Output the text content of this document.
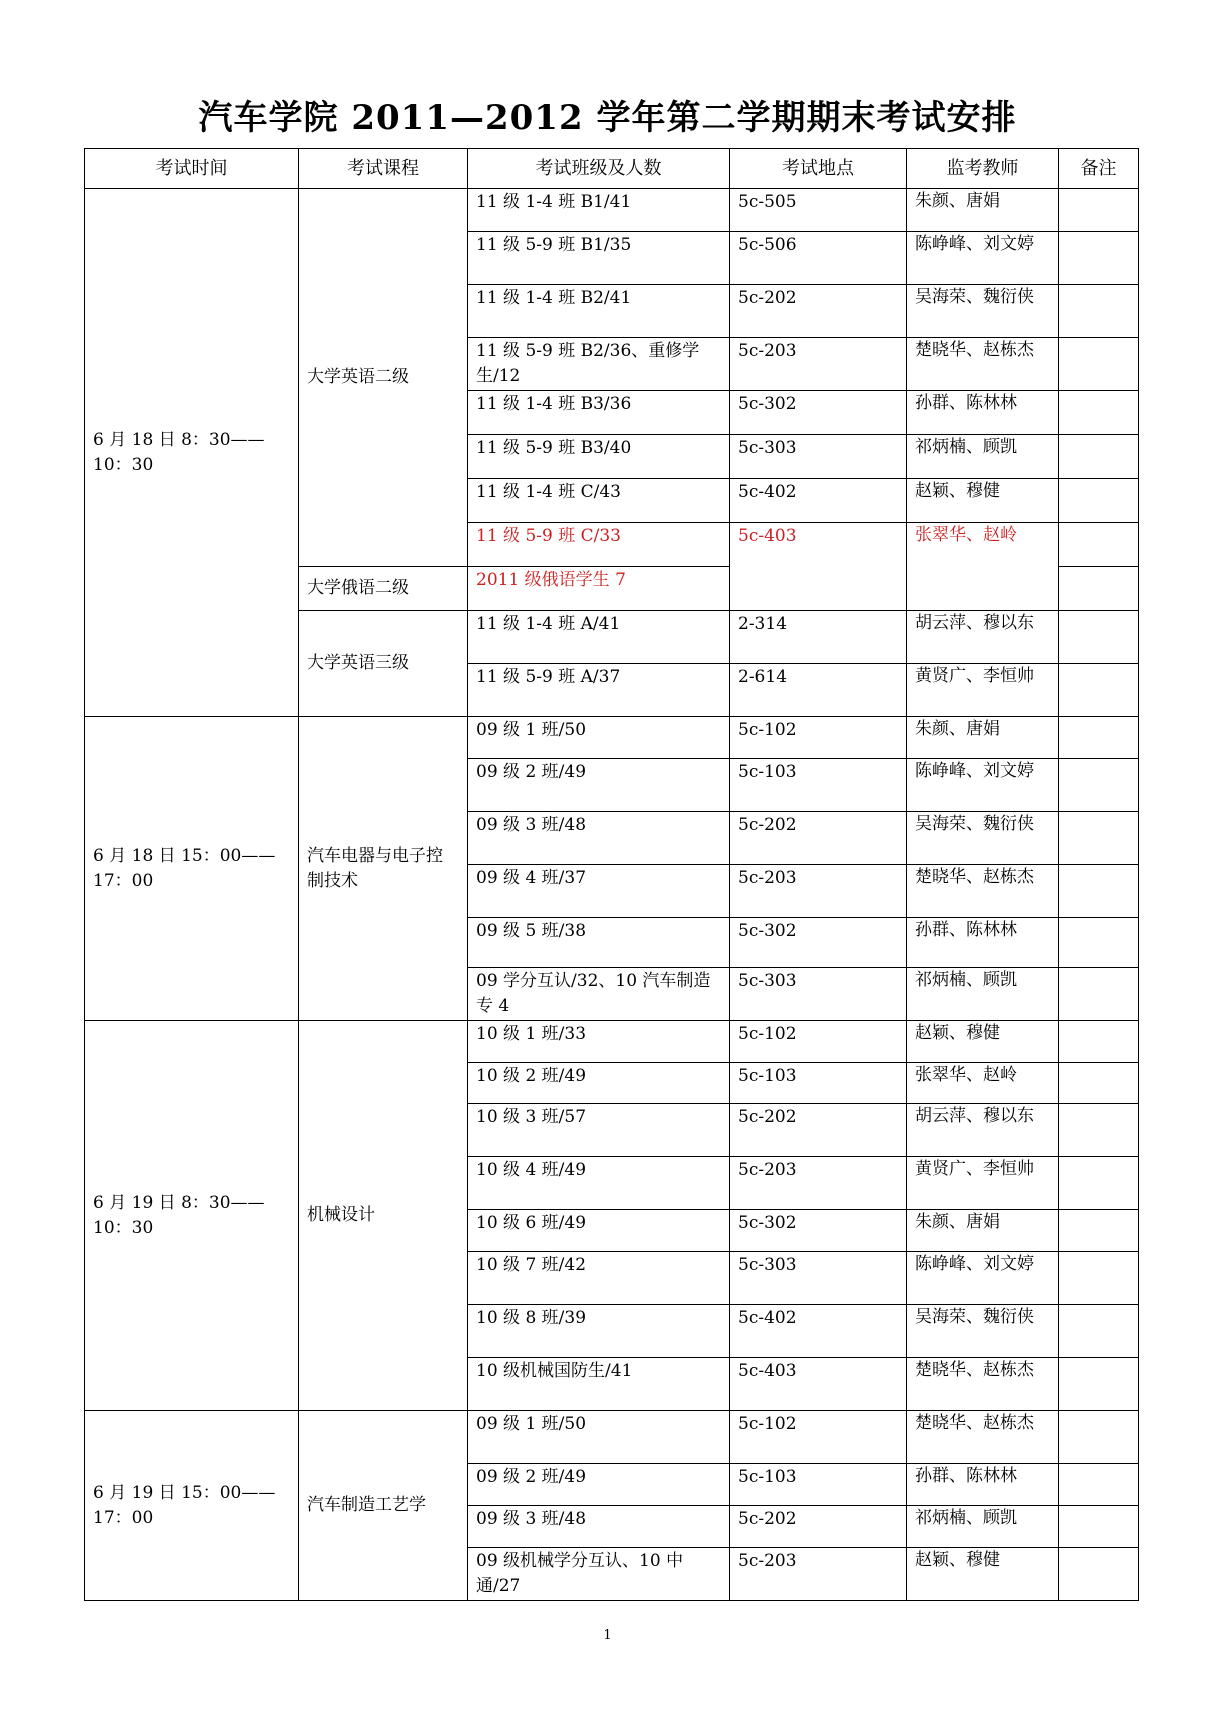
汽车学院 2011—2012 学年第二学期期末考试安排
考试时间	考试课程	考试班级及人数	考试地点	监考教师	备注
6 月 18 日 8：30——10：30	大学英语二级	11 级 1-4 班 B1/41	5c-505	朱颜、唐娟	
		11 级 5-9 班 B1/35	5c-506	陈峥峰、刘文婷	
		11 级 1-4 班 B2/41	5c-202	吴海荣、魏衍侠	
		11 级 5-9 班 B2/36、重修学生/12	5c-203	楚晓华、赵栋杰	
		11 级 1-4 班 B3/36	5c-302	孙群、陈林林	
		11 级 5-9 班 B3/40	5c-303	祁炳楠、顾凯	
		11 级 1-4 班 C/43	5c-402	赵颖、穆健	
		11 级 5-9 班 C/33	5c-403	张翠华、赵岭	
	大学俄语二级	2011 级俄语学生 7			
	大学英语三级	11 级 1-4 班 A/41	2-314	胡云萍、穆以东	
		11 级 5-9 班 A/37	2-614	黄贤广、李恒帅	
6 月 18 日 15：00——17：00	汽车电器与电子控制技术	09 级 1 班/50	5c-102	朱颜、唐娟	
		09 级 2 班/49	5c-103	陈峥峰、刘文婷	
		09 级 3 班/48	5c-202	吴海荣、魏衍侠	
		09 级 4 班/37	5c-203	楚晓华、赵栋杰	
		09 级 5 班/38	5c-302	孙群、陈林林	
		09 学分互认/32、10 汽车制造专 4	5c-303	祁炳楠、顾凯	
6 月 19 日 8：30——10：30	机械设计	10 级 1 班/33	5c-102	赵颖、穆健	
		10 级 2 班/49	5c-103	张翠华、赵岭	
		10 级 3 班/57	5c-202	胡云萍、穆以东	
		10 级 4 班/49	5c-203	黄贤广、李恒帅	
		10 级 6 班/49	5c-302	朱颜、唐娟	
		10 级 7 班/42	5c-303	陈峥峰、刘文婷	
		10 级 8 班/39	5c-402	吴海荣、魏衍侠	
		10 级机械国防生/41	5c-403	楚晓华、赵栋杰	
6 月 19 日 15：00——17：00	汽车制造工艺学	09 级 1 班/50	5c-102	楚晓华、赵栋杰	
		09 级 2 班/49	5c-103	孙群、陈林林	
		09 级 3 班/48	5c-202	祁炳楠、顾凯	
		09 级机械学分互认、10 中通/27	5c-203	赵颖、穆健	
1
